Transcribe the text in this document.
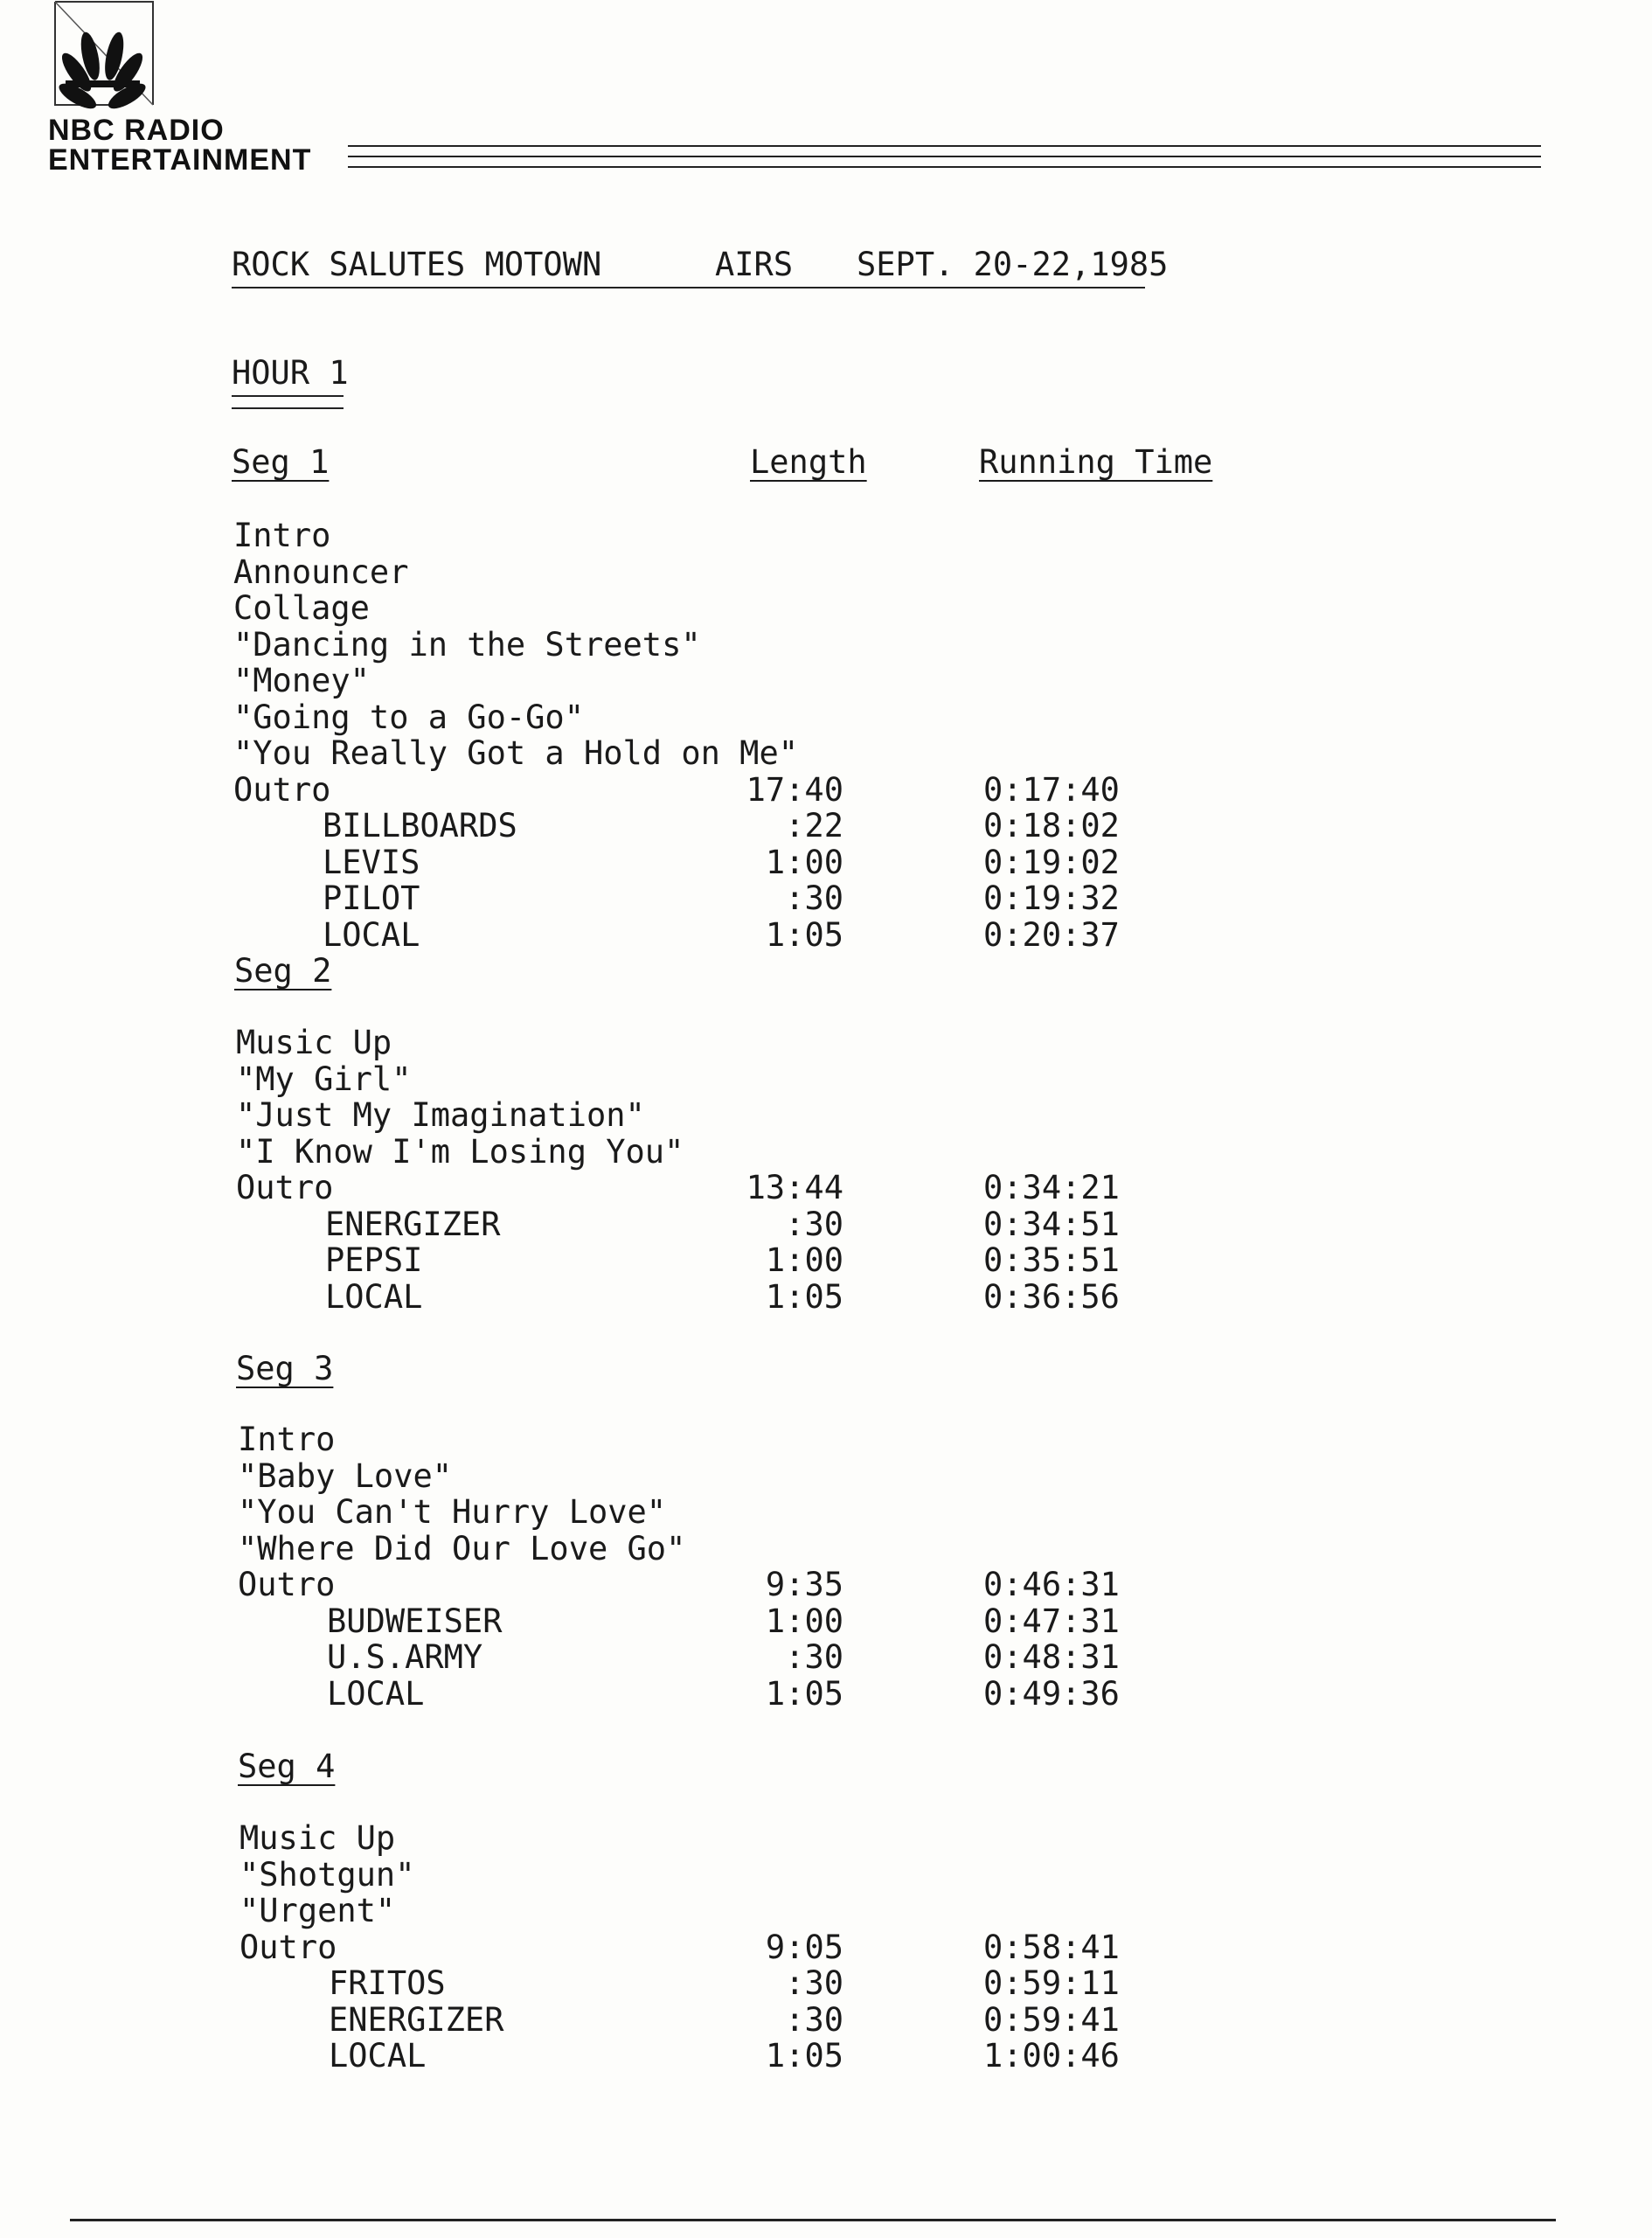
NBC RADIO
ENTERTAINMENT
ROCK SALUTES MOTOWN	AIRS SEPT. 20-22,1985
HOUR 1
Seg 1	Length	Running Time
Intro
Announcer
Collage
"Dancing in the Streets"
"Money"
"Going to a Go-Go"
"You Really Got a Hold on Me"
Outro	17:40	0:17:40
BILLBOARDS	:22	0:18:02
LEVIS	1:00	0:19:02
PILOT	:30	0:19:32
LOCAL	1:05	0:20:37
Seg 2
Music Up
"My Girl"
"Just My Imagination"
"I Know I'm Losing You"
Outro	13:44	0:34:21
ENERGIZER	:30	0:34:51
PEPSI	1:00	0:35:51
LOCAL	1:05	0:36:56
Seg 3
Intro
"Baby Love"
"You Can't Hurry Love"
"Where Did Our Love Go"
Outro	9:35	0:46:31
BUDWEISER	1:00	0:47:31
U.S.ARMY	:30	0:48:31
LOCAL	1:05	0:49:36
Seg 4
Music Up
"Shotgun"
"Urgent"
Outro	9:05	0:58:41
FRITOS	:30	0:59:11
ENERGIZER	:30	0:59:41
LOCAL	1:05	1:00:46
